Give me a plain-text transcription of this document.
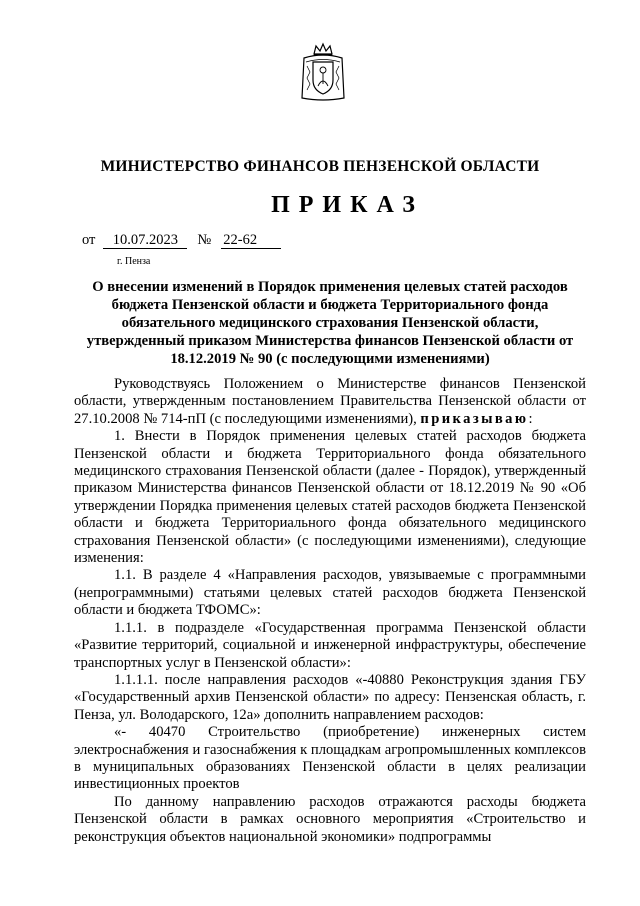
МИНИСТЕРСТВО ФИНАНСОВ ПЕНЗЕНСКОЙ ОБЛАСТИ
ПРИКАЗ
от	10.07.2023	№ 22-62
г. Пенза
О внесении изменений в Порядок применения целевых статей расходов бюджета Пензенской области и бюджета Территориального фонда обязательного медицинского страхования Пензенской области, утвержденный приказом Министерства финансов Пензенской области от 18.12.2019 № 90 (с последующими изменениями)

Руководствуясь Положением о Министерстве финансов Пензенской области, утвержденным постановлением Правительства Пензенской области от 27.10.2008 № 714-пП (с последующими изменениями), приказываю:

1. Внести в Порядок применения целевых статей расходов бюджета Пензенской области и бюджета Территориального фонда обязательного медицинского страхования Пензенской области (далее - Порядок), утвержденный приказом Министерства финансов Пензенской области от 18.12.2019 № 90 «Об утверждении Порядка применения целевых статей расходов бюджета Пензенской области и бюджета Территориального фонда обязательного медицинского страхования Пензенской области» (с последующими изменениями), следующие изменения:

1.1. В разделе 4 «Направления расходов, увязываемые с программными (непрограммными) статьями целевых статей расходов бюджета Пензенской области и бюджета ТФОМС»:

1.1.1. в подразделе «Государственная программа Пензенской области «Развитие территорий, социальной и инженерной инфраструктуры, обеспечение транспортных услуг в Пензенской области»:

1.1.1.1. после направления расходов «-40880 Реконструкция здания ГБУ «Государственный архив Пензенской области» по адресу: Пензенская область, г. Пенза, ул. Володарского, 12а» дополнить направлением расходов:

«- 40470 Строительство (приобретение) инженерных систем электроснабжения и газоснабжения к площадкам агропромышленных комплексов в муниципальных образованиях Пензенской области в целях реализации инвестиционных проектов

По данному направлению расходов отражаются расходы бюджета Пензенской области в рамках основного мероприятия «Строительство и реконструкция объектов национальной экономики» подпрограммы
